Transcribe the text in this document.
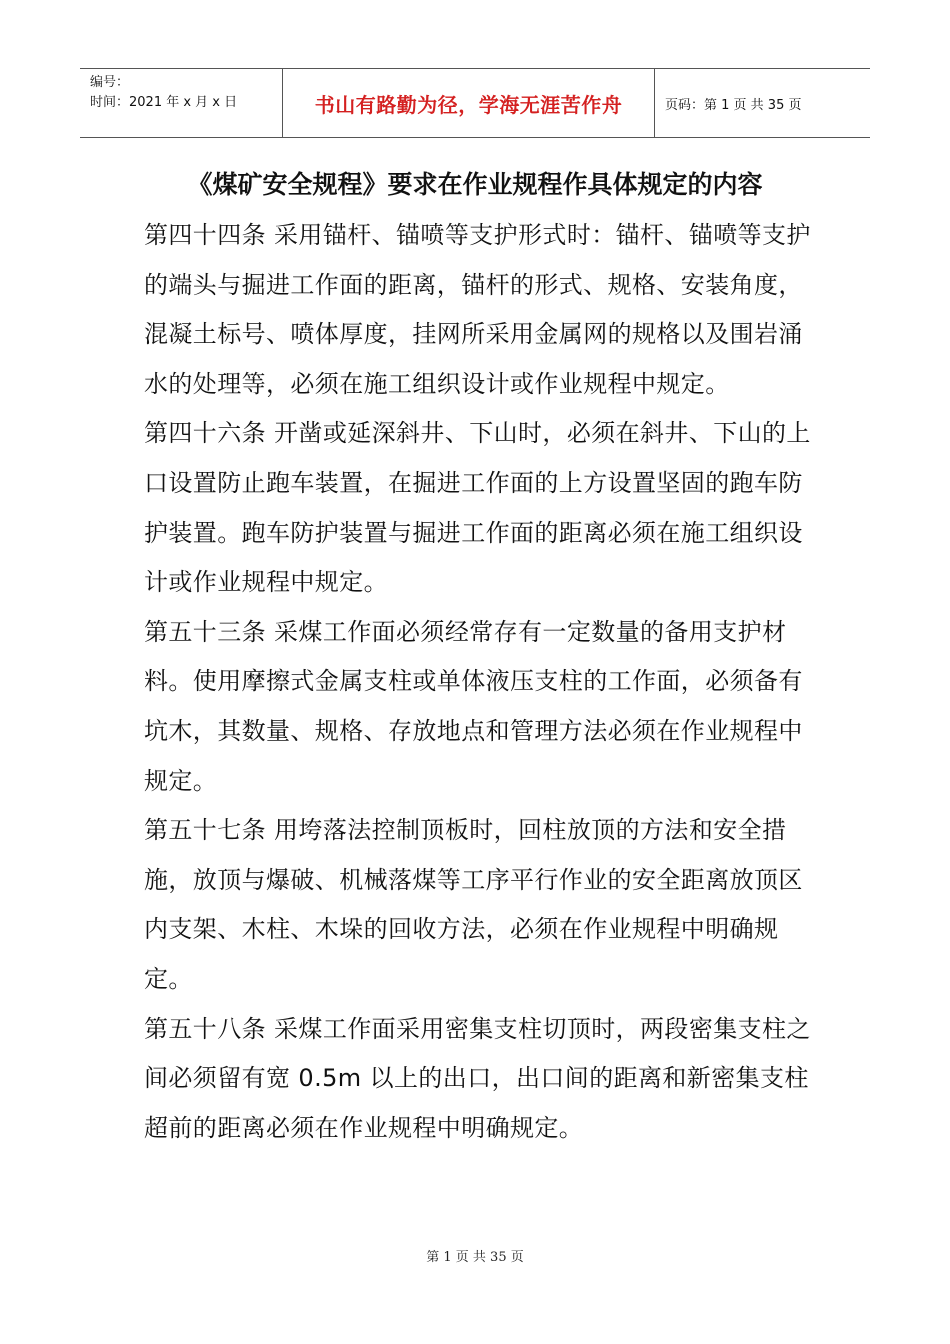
编号：
时间：2021 年 x 月 x 日	书山有路勤为径，学海无涯苦作舟	页码：第 1 页 共 35 页
《煤矿安全规程》要求在作业规程作具体规定的内容

第四十四条 采用锚杆、锚喷等支护形式时：锚杆、锚喷等支护的端头与掘进工作面的距离，锚杆的形式、规格、安装角度，混凝土标号、喷体厚度，挂网所采用金属网的规格以及围岩涌水的处理等，必须在施工组织设计或作业规程中规定。

第四十六条 开凿或延深斜井、下山时，必须在斜井、下山的上口设置防止跑车装置，在掘进工作面的上方设置坚固的跑车防护装置。跑车防护装置与掘进工作面的距离必须在施工组织设计或作业规程中规定。

第五十三条 采煤工作面必须经常存有一定数量的备用支护材料。使用摩擦式金属支柱或单体液压支柱的工作面，必须备有坑木，其数量、规格、存放地点和管理方法必须在作业规程中规定。

第五十七条 用垮落法控制顶板时，回柱放顶的方法和安全措施，放顶与爆破、机械落煤等工序平行作业的安全距离放顶区内支架、木柱、木垛的回收方法，必须在作业规程中明确规定。

第五十八条 采煤工作面采用密集支柱切顶时，两段密集支柱之间必须留有宽 0.5m 以上的出口，出口间的距离和新密集支柱超前的距离必须在作业规程中明确规定。

第 1 页 共 35 页
